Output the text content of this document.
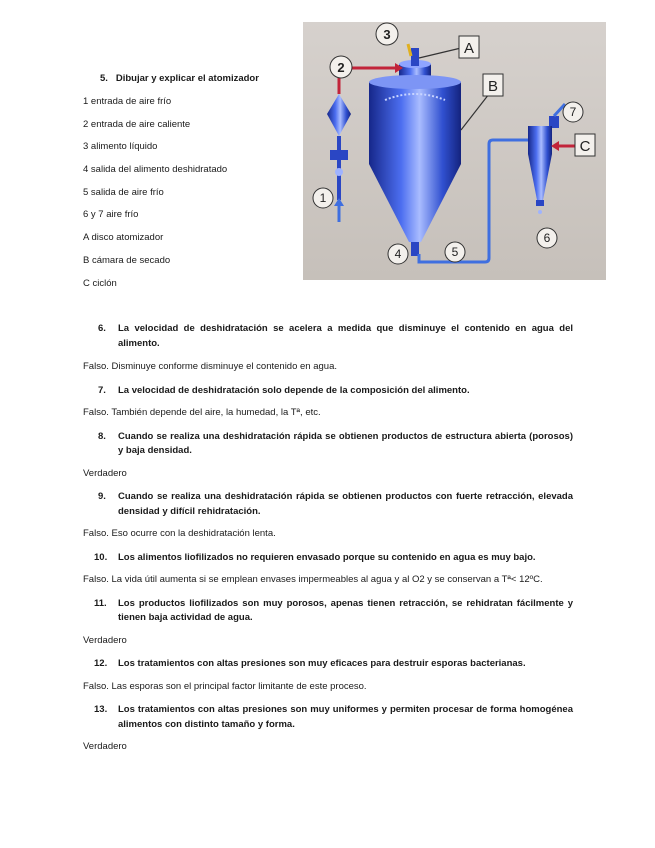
5. Dibujar y explicar el atomizador
1 entrada de aire frío
2 entrada de aire caliente
3 alimento líquido
4 salida del alimento deshidratado
5 salida de aire frío
6 y 7 aire frío
A disco atomizador
B cámara de secado
C ciclón
1
2
3
4	5
6
7
A
B
C
6. La velocidad de deshidratación se acelera a medida que disminuye el contenido en agua del alimento.
Falso. Disminuye conforme disminuye el contenido en agua.
7. La velocidad de deshidratación solo depende de la composición del alimento.
Falso. También depende del aire, la humedad, la Tª, etc.
8. Cuando se realiza una deshidratación rápida se obtienen productos de estructura abierta (porosos) y baja densidad.
Verdadero
9. Cuando se realiza una deshidratación rápida se obtienen productos con fuerte retracción, elevada densidad y difícil rehidratación.
Falso. Eso ocurre con la deshidratación lenta.
10. Los alimentos liofilizados no requieren envasado porque su contenido en agua es muy bajo.
Falso. La vida útil aumenta si se emplean envases impermeables al agua y al O2 y se conservan a Tª< 12ºC.
11. Los productos liofilizados son muy porosos, apenas tienen retracción, se rehidratan fácilmente y tienen baja actividad de agua.
Verdadero
12. Los tratamientos con altas presiones son muy eficaces para destruir esporas bacterianas.
Falso. Las esporas son el principal factor limitante de este proceso.
13. Los tratamientos con altas presiones son muy uniformes y permiten procesar de forma homogénea alimentos con distinto tamaño y forma.
Verdadero
